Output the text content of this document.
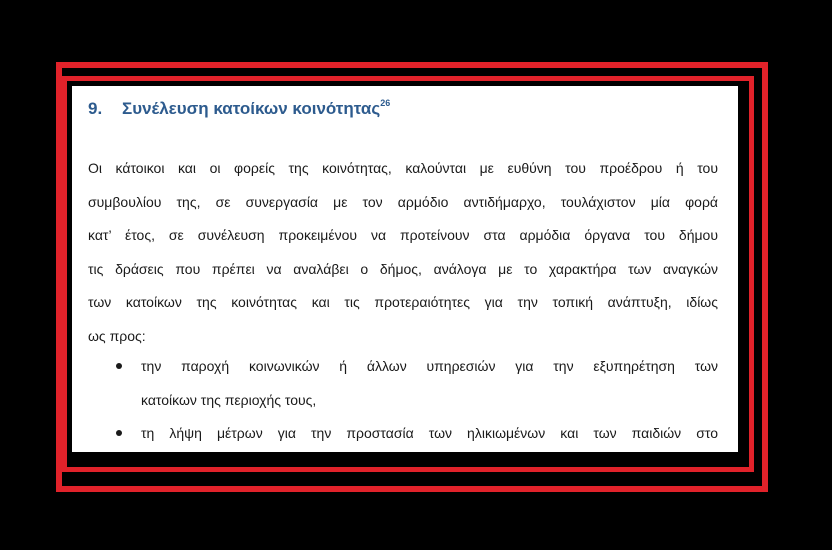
9. Συνέλευση κατοίκων κοινότητας$^{26}$

Οι κάτοικοι και οι φορείς της κοινότητας, καλούνται με ευθύνη του προέδρου ή του
συμβουλίου της, σε συνεργασία με τον αρμόδιο αντιδήμαρχο, τουλάχιστον μία φορά
κατ’ έτος, σε συνέλευση προκειμένου να προτείνουν στα αρμόδια όργανα του δήμου
τις δράσεις που πρέπει να αναλάβει ο δήμος, ανάλογα με το χαρακτήρα των αναγκών
των κατοίκων της κοινότητας και τις προτεραιότητες για την τοπική ανάπτυξη, ιδίως
ως προς:

την παροχή κοινωνικών ή άλλων υπηρεσιών για την εξυπηρέτηση των
κατοίκων της περιοχής τους,
τη λήψη μέτρων για την προστασία των ηλικιωμένων και των παιδιών στο
